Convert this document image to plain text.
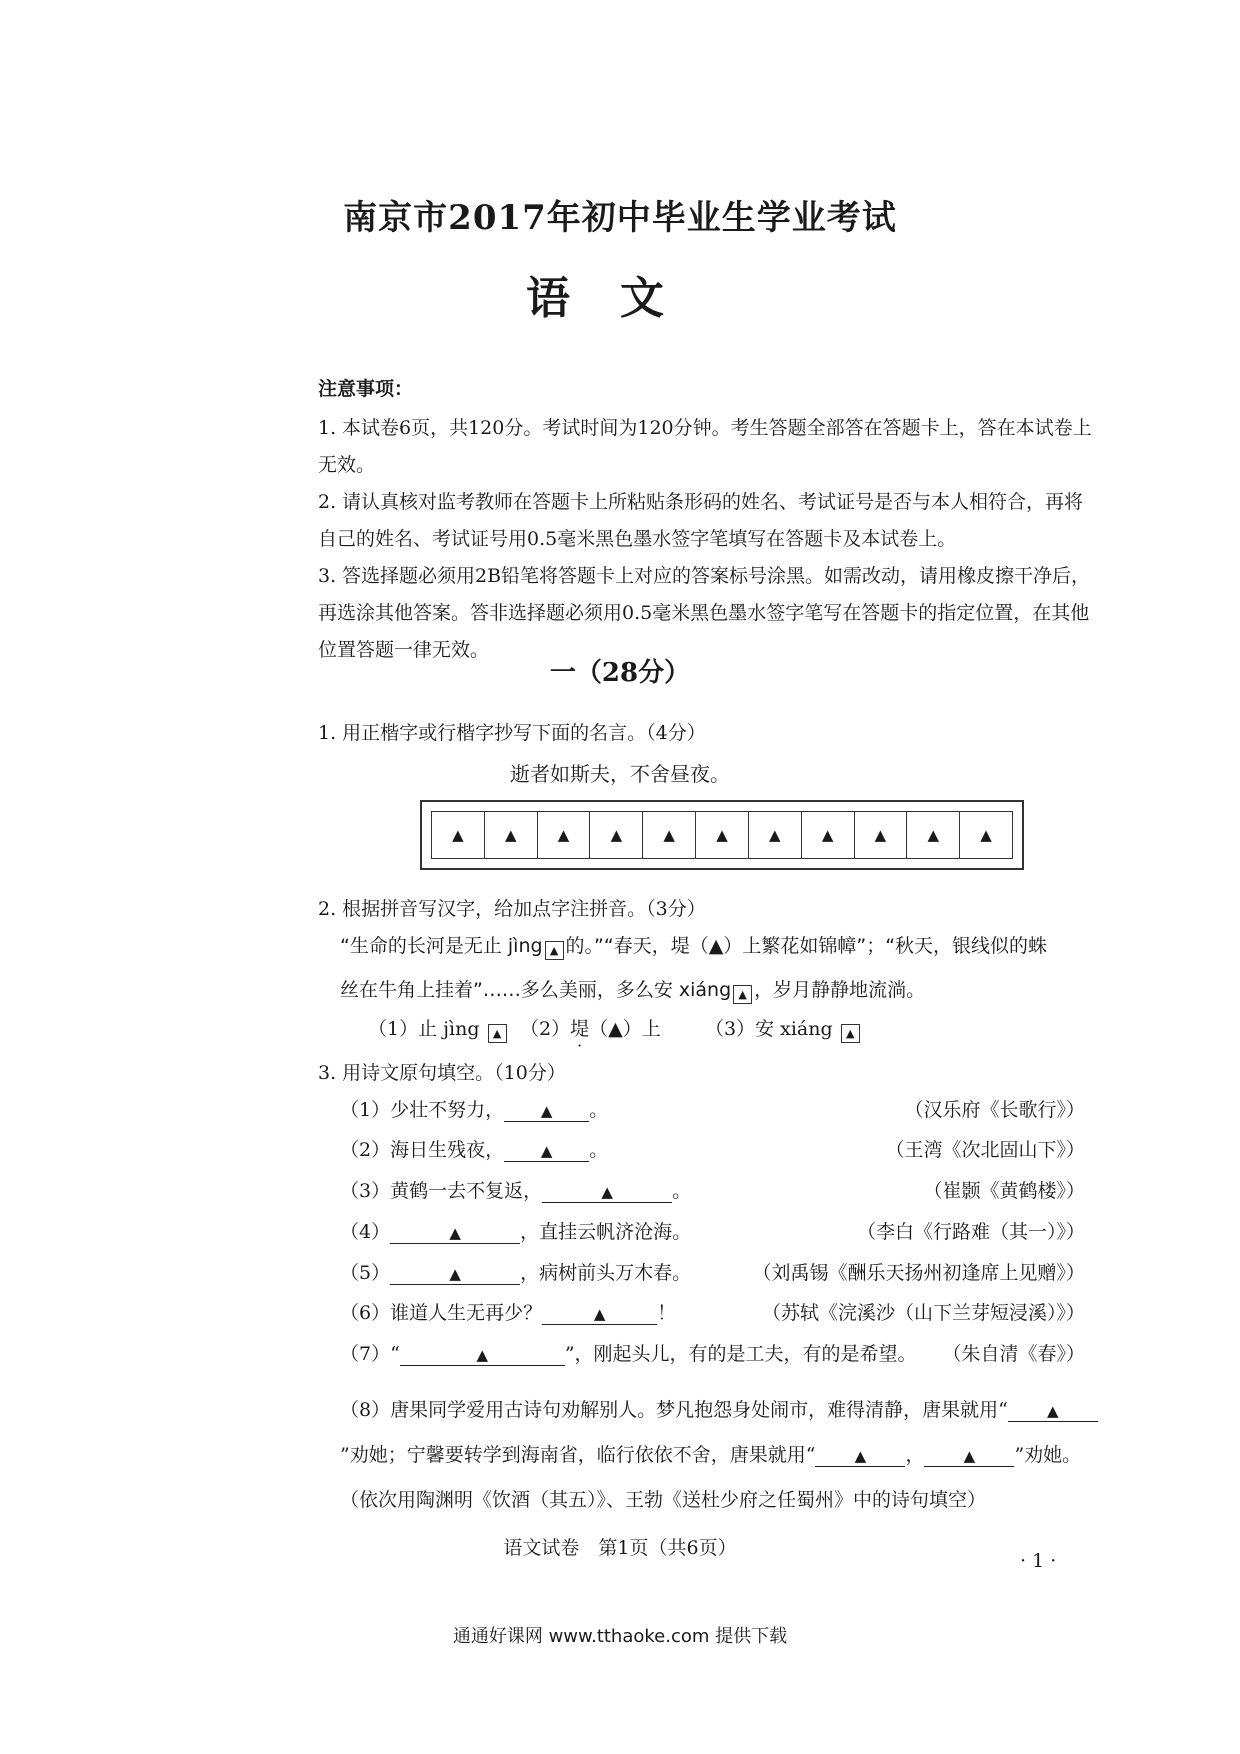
南京市2017年初中毕业生学业考试
语文
注意事项：
1. 本试卷6页，共120分。考试时间为120分钟。考生答题全部答在答题卡上，答在本试卷上无效。
2. 请认真核对监考教师在答题卡上所粘贴条形码的姓名、考试证号是否与本人相符合，再将自己的姓名、考试证号用0.5毫米黑色墨水签字笔填写在答题卡及本试卷上。
3. 答选择题必须用2B铅笔将答题卡上对应的答案标号涂黑。如需改动，请用橡皮擦干净后，再选涂其他答案。答非选择题必须用0.5毫米黑色墨水签字笔写在答题卡的指定位置，在其他位置答题一律无效。
一（28分）
1. 用正楷字或行楷字抄写下面的名言。（4分）
逝者如斯夫，不舍昼夜。
▲	▲	▲	▲	▲	▲	▲	▲	▲	▲	▲
2. 根据拼音写汉字，给加点字注拼音。（3分）
“生命的长河是无止 jìng ▲ 的。”“春天，堤（▲）上繁花如锦幛”；“秋天，银线似的蛛
丝在牛角上挂着”……多么美丽，多么安 xiáng ▲ ，岁月静静地流淌。
（1）止 jìng ▲ （2）堤（▲）上 （3）安 xiáng ▲
3. 用诗文原句填空。（10分）
（1）少壮不努力， ▲ 。	（汉乐府《长歌行》）
（2）海日生残夜， ▲ 。	（王湾《次北固山下》）
（3）黄鹤一去不复返，	▲	。	（崔颢《黄鹤楼》）
（4）	▲	，直挂云帆济沧海。	（李白《行路难（其一）》）
（5）	▲	，病树前头万木春。	（刘禹锡《酬乐天扬州初逢席上见赠》）
（6）谁道人生无再少？	▲	！	（苏轼《浣溪沙（山下兰芽短浸溪）》）
（7）“	▲	”，刚起头儿，有的是工夫，有的是希望。 （朱自清《春》）
（8）唐果同学爱用古诗句劝解别人。梦凡抱怨身处闹市，难得清静，唐果就用“	▲”劝她；宁馨要转学到海南省，临行依依不舍，唐果就用“	▲ ，	▲ ”劝她。（依次用陶渊明《饮酒（其五）》、王勃《送杜少府之任蜀州》中的诗句填空）
语文试卷　第1页（共6页）
· 1 ·
通通好课网 www.tthaoke.com 提供下载
